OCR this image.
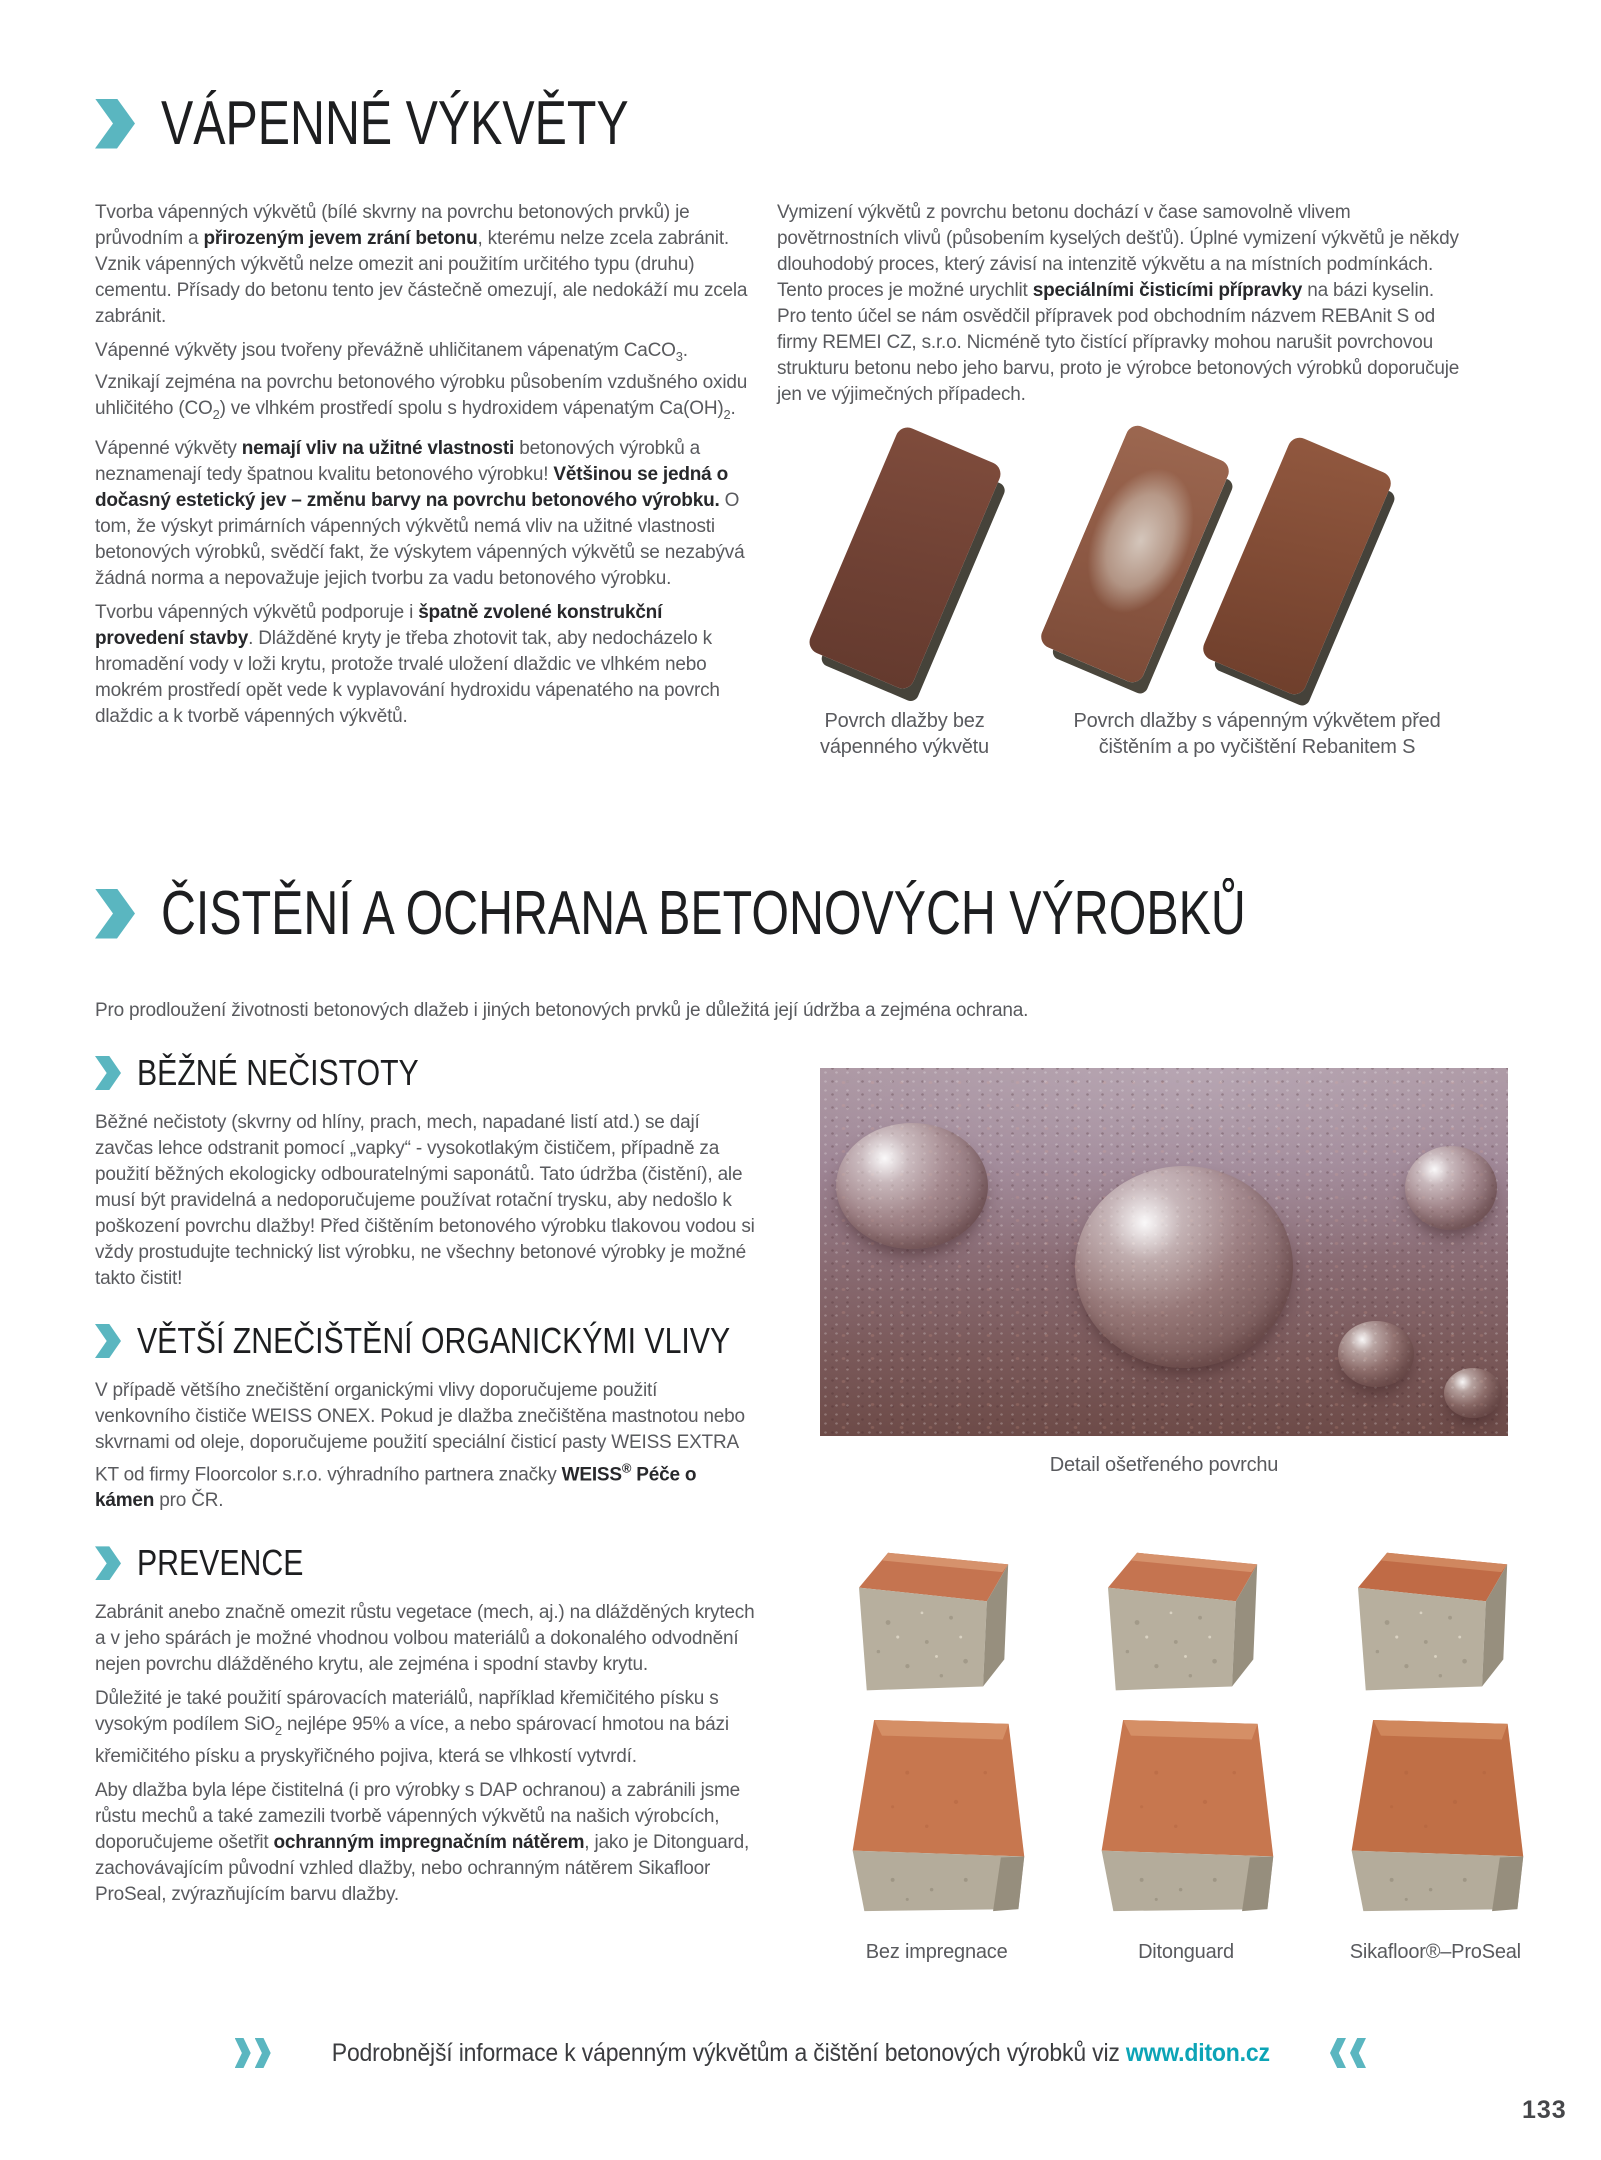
VÁPENNÉ VÝKVĚTY

Tvorba vápenných výkvětů (bílé skvrny na povrchu betonových prvků) je průvodním a přirozeným jevem zrání betonu, kterému nelze zcela zabránit. Vznik vápenných výkvětů nelze omezit ani použitím určitého typu (druhu) cementu. Přísady do betonu tento jev částečně omezují, ale nedokáží mu zcela zabránit.

Vápenné výkvěty jsou tvořeny převážně uhličitanem vápenatým CaCO$_3$. Vznikají zejména na povrchu betonového výrobku působením vzdušného oxidu uhličitého $(CO_2)$ ve vlhkém prostředí spolu s hydroxidem vápenatým $Ca(OH)_2$.

Vápenné výkvěty nemají vliv na užitné vlastnosti betonových výrobků a neznamenají tedy špatnou kvalitu betonového výrobku! Většinou se jedná o dočasný estetický jev – změnu barvy na povrchu betonového výrobku. O tom, že výskyt primárních vápenných výkvětů nemá vliv na užitné vlastnosti betonových výrobků, svědčí fakt, že výskytem vápenných výkvětů se nezabývá žádná norma a nepovažuje jejich tvorbu za vadu betonového výrobku.

Tvorbu vápenných výkvětů podporuje i špatně zvolené konstrukční provedení stavby. Dlážděné kryty je třeba zhotovit tak, aby nedocházelo k hromadění vody v loži krytu, protože trvalé uložení dlaždic ve vlhkém nebo mokrém prostředí opět vede k vyplavování hydroxidu vápenatého na povrch dlaždic a k tvorbě vápenných výkvětů.

Vymizení výkvětů z povrchu betonu dochází v čase samovolně vlivem povětrnostních vlivů (působením kyselých dešťů). Úplné vymizení výkvětů je někdy dlouhodobý proces, který závisí na intenzitě výkvětu a na místních podmínkách. Tento proces je možné urychlit speciálními čisticími přípravky na bázi kyselin. Pro tento účel se nám osvědčil přípravek pod obchodním názvem REBAnit S od firmy REMEI CZ, s.r.o. Nicméně tyto čistící přípravky mohou narušit povrchovou strukturu betonu nebo jeho barvu, proto je výrobce betonových výrobků doporučuje jen ve výjimečných případech.

Povrch dlažby bez vápenného výkvětu
Povrch dlažby s vápenným výkvětem před čištěním a po vyčištění Rebanitem S
ČISTĚNÍ A OCHRANA BETONOVÝCH VÝROBKŮ

Pro prodloužení životnosti betonových dlažeb i jiných betonových prvků je důležitá její údržba a zejména ochrana.

BĚŽNÉ NEČISTOTY

Běžné nečistoty (skvrny od hlíny, prach, mech, napadané listí atd.) se dají zavčas lehce odstranit pomocí „vapky“ - vysokotlakým čističem, případně za použití běžných ekologicky odbouratelnými saponátů. Tato údržba (čistění), ale musí být pravidelná a nedoporučujeme používat rotační trysku, aby nedošlo k poškození povrchu dlažby! Před čištěním betonového výrobku tlakovou vodou si vždy prostudujte technický list výrobku, ne všechny betonové výrobky je možné takto čistit!

VĚTŠÍ ZNEČIŠTĚNÍ ORGANICKÝMI VLIVY

V případě většího znečištění organickými vlivy doporučujeme použití venkovního čističe WEISS ONEX. Pokud je dlažba znečištěna mastnotou nebo skvrnami od oleje, doporučujeme použití speciální čisticí pasty WEISS EXTRA KT od firmy Floorcolor s.r.o. výhradního partnera značky WEISS® Péče o kámen pro ČR.

PREVENCE

Zabránit anebo značně omezit růstu vegetace (mech, aj.) na dlážděných krytech a v jeho spárách je možné vhodnou volbou materiálů a dokonalého odvodnění nejen povrchu dlážděného krytu, ale zejména i spodní stavby krytu.

Důležité je také použití spárovacích materiálů, například křemičitého písku s vysokým podílem SiO$_2$ nejlépe 95% a více, a nebo spárovací hmotou na bázi křemičitého písku a pryskyřičného pojiva, která se vlhkostí vytvrdí.

Aby dlažba byla lépe čistitelná (i pro výrobky s DAP ochranou) a zabránili jsme růstu mechů a také zamezili tvorbě vápenných výkvětů na našich výrobcích, doporučujeme ošetřit ochranným impregnačním nátěrem, jako je Ditonguard, zachovávajícím původní vzhled dlažby, nebo ochranným nátěrem Sikafloor ProSeal, zvýrazňujícím barvu dlažby.

Detail ošetřeného povrchu
Bez impregnace	Ditonguard	Sikafloor®–ProSeal
Podrobnější informace k vápenným výkvětům a čištění betonových výrobků viz www.diton.cz
133
